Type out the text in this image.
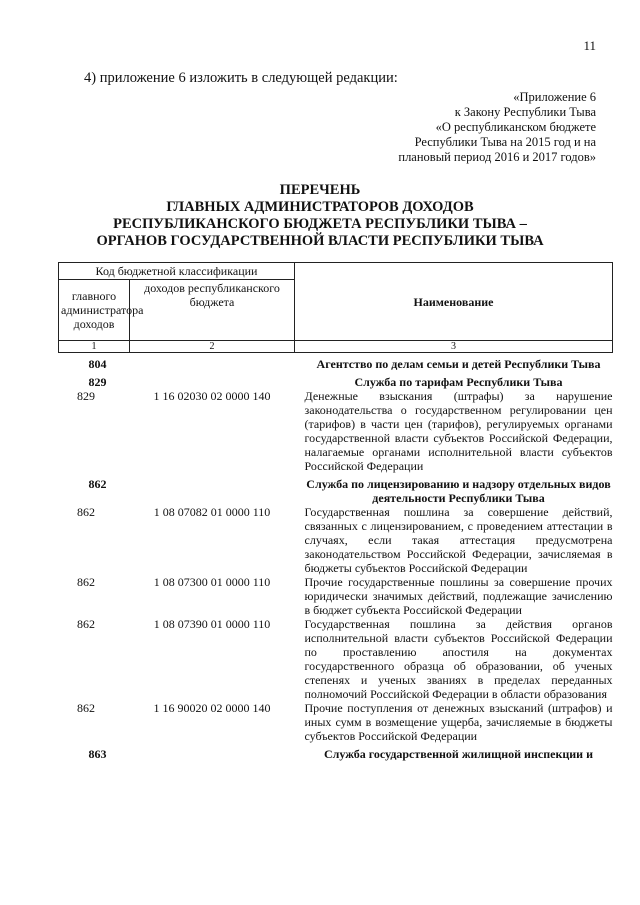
11
4) приложение 6 изложить в следующей редакции:
«Приложение 6
к Закону Республики Тыва
«О республиканском бюджете
Республики Тыва на 2015 год и на
плановый период 2016 и 2017 годов»
ПЕРЕЧЕНЬ
ГЛАВНЫХ АДМИНИСТРАТОРОВ ДОХОДОВ
РЕСПУБЛИКАНСКОГО БЮДЖЕТА РЕСПУБЛИКИ ТЫВА –
ОРГАНОВ ГОСУДАРСТВЕННОЙ ВЛАСТИ РЕСПУБЛИКИ ТЫВА
Код бюджетной классификации		Наименование
главного администратора доходов	доходов республиканского бюджета	
1	2	3
804		Агентство по делам семьи и детей Республики Тыва
829		Служба по тарифам Республики Тыва
829	1 16 02030 02 0000 140	Денежные взыскания (штрафы) за нарушение законодательства о государственном регулировании цен (тарифов) в части цен (тарифов), регулируемых органами государственной власти субъектов Российской Федерации, налагаемые органами исполнительной власти субъектов Российской Федерации
862		Служба по лицензированию и надзору отдельных видов деятельности Республики Тыва
862	1 08 07082 01 0000 110	Государственная пошлина за совершение действий, связанных с лицензированием, с проведением аттестации в случаях, если такая аттестация предусмотрена законодательством Российской Федерации, зачисляемая в бюджеты субъектов Российской Федерации
862	1 08 07300 01 0000 110	Прочие государственные пошлины за совершение прочих юридически значимых действий, подлежащие зачислению в бюджет субъекта Российской Федерации
862	1 08 07390 01 0000 110	Государственная пошлина за действия органов исполнительной власти субъектов Российской Федерации по проставлению апостиля на документах государственного образца об образовании, об ученых степенях и ученых званиях в пределах переданных полномочий Российской Федерации в области образования
862	1 16 90020 02 0000 140	Прочие поступления от денежных взысканий (штрафов) и иных сумм в возмещение ущерба, зачисляемые в бюджеты субъектов Российской Федерации
863		Служба государственной жилищной инспекции и
